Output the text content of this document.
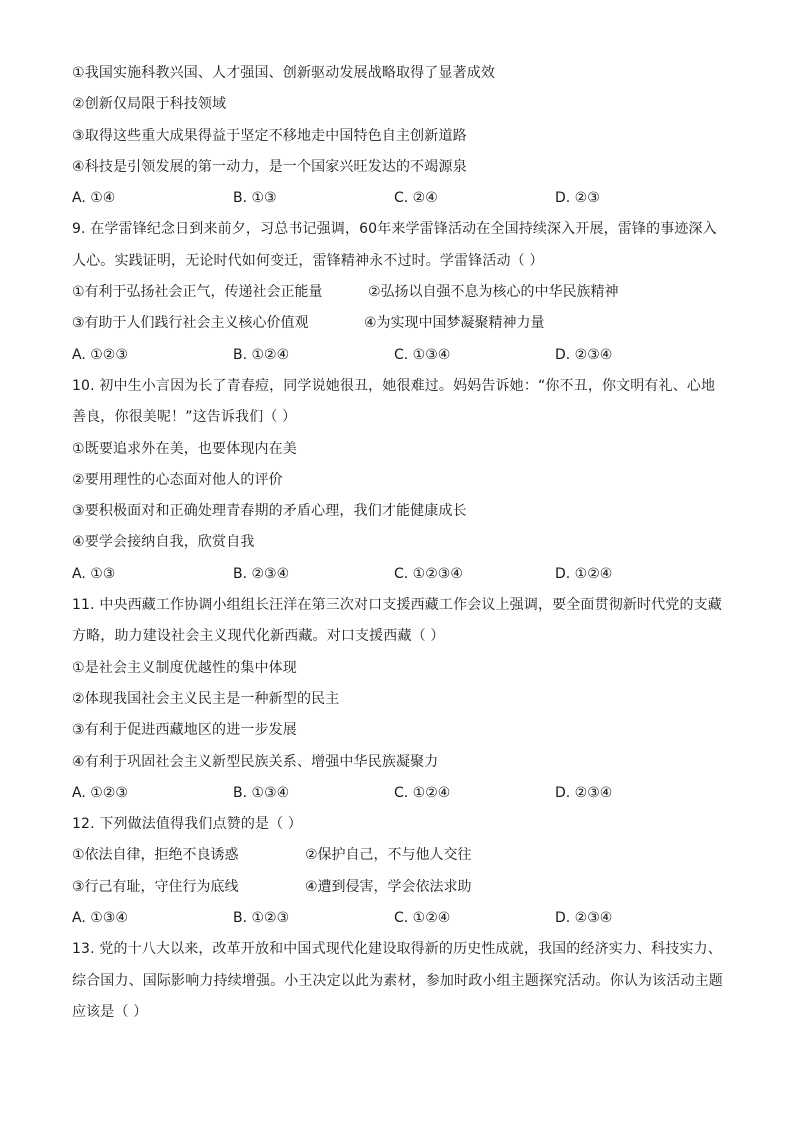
①我国实施科教兴国、人才强国、创新驱动发展战略取得了显著成效
②创新仅局限于科技领域
③取得这些重大成果得益于坚定不移地走中国特色自主创新道路
④科技是引领发展的第一动力，是一个国家兴旺发达的不竭源泉
A. ①④	B. ①③	C. ②④	D. ②③
9. 在学雷锋纪念日到来前夕，习总书记强调，60年来学雷锋活动在全国持续深入开展，雷锋的事迹深入
人心。实践证明，无论时代如何变迁，雷锋精神永不过时。学雷锋活动（ ）
①有利于弘扬社会正气，传递社会正能量	②弘扬以自强不息为核心的中华民族精神
③有助于人们践行社会主义核心价值观	④为实现中国梦凝聚精神力量
A. ①②③	B. ①②④	C. ①③④	D. ②③④
10. 初中生小言因为长了青春痘，同学说她很丑，她很难过。妈妈告诉她：“你不丑，你文明有礼、心地
善良，你很美呢！”这告诉我们（ ）
①既要追求外在美，也要体现内在美
②要用理性的心态面对他人的评价
③要积极面对和正确处理青春期的矛盾心理，我们才能健康成长
④要学会接纳自我，欣赏自我
A. ①③	B. ②③④	C. ①②③④	D. ①②④
11. 中央西藏工作协调小组组长汪洋在第三次对口支援西藏工作会议上强调，要全面贯彻新时代党的支藏
方略，助力建设社会主义现代化新西藏。对口支援西藏（ ）
①是社会主义制度优越性的集中体现
②体现我国社会主义民主是一种新型的民主
③有利于促进西藏地区的进一步发展
④有利于巩固社会主义新型民族关系、增强中华民族凝聚力
A. ①②③	B. ①③④	C. ①②④	D. ②③④
12. 下列做法值得我们点赞的是（ ）
①依法自律，拒绝不良诱惑	②保护自己，不与他人交往
③行己有耻，守住行为底线	④遭到侵害，学会依法求助
A. ①③④	B. ①②③	C. ①②④	D. ②③④
13. 党的十八大以来，改革开放和中国式现代化建设取得新的历史性成就，我国的经济实力、科技实力、
综合国力、国际影响力持续增强。小王决定以此为素材，参加时政小组主题探究活动。你认为该活动主题
应该是（ ）
